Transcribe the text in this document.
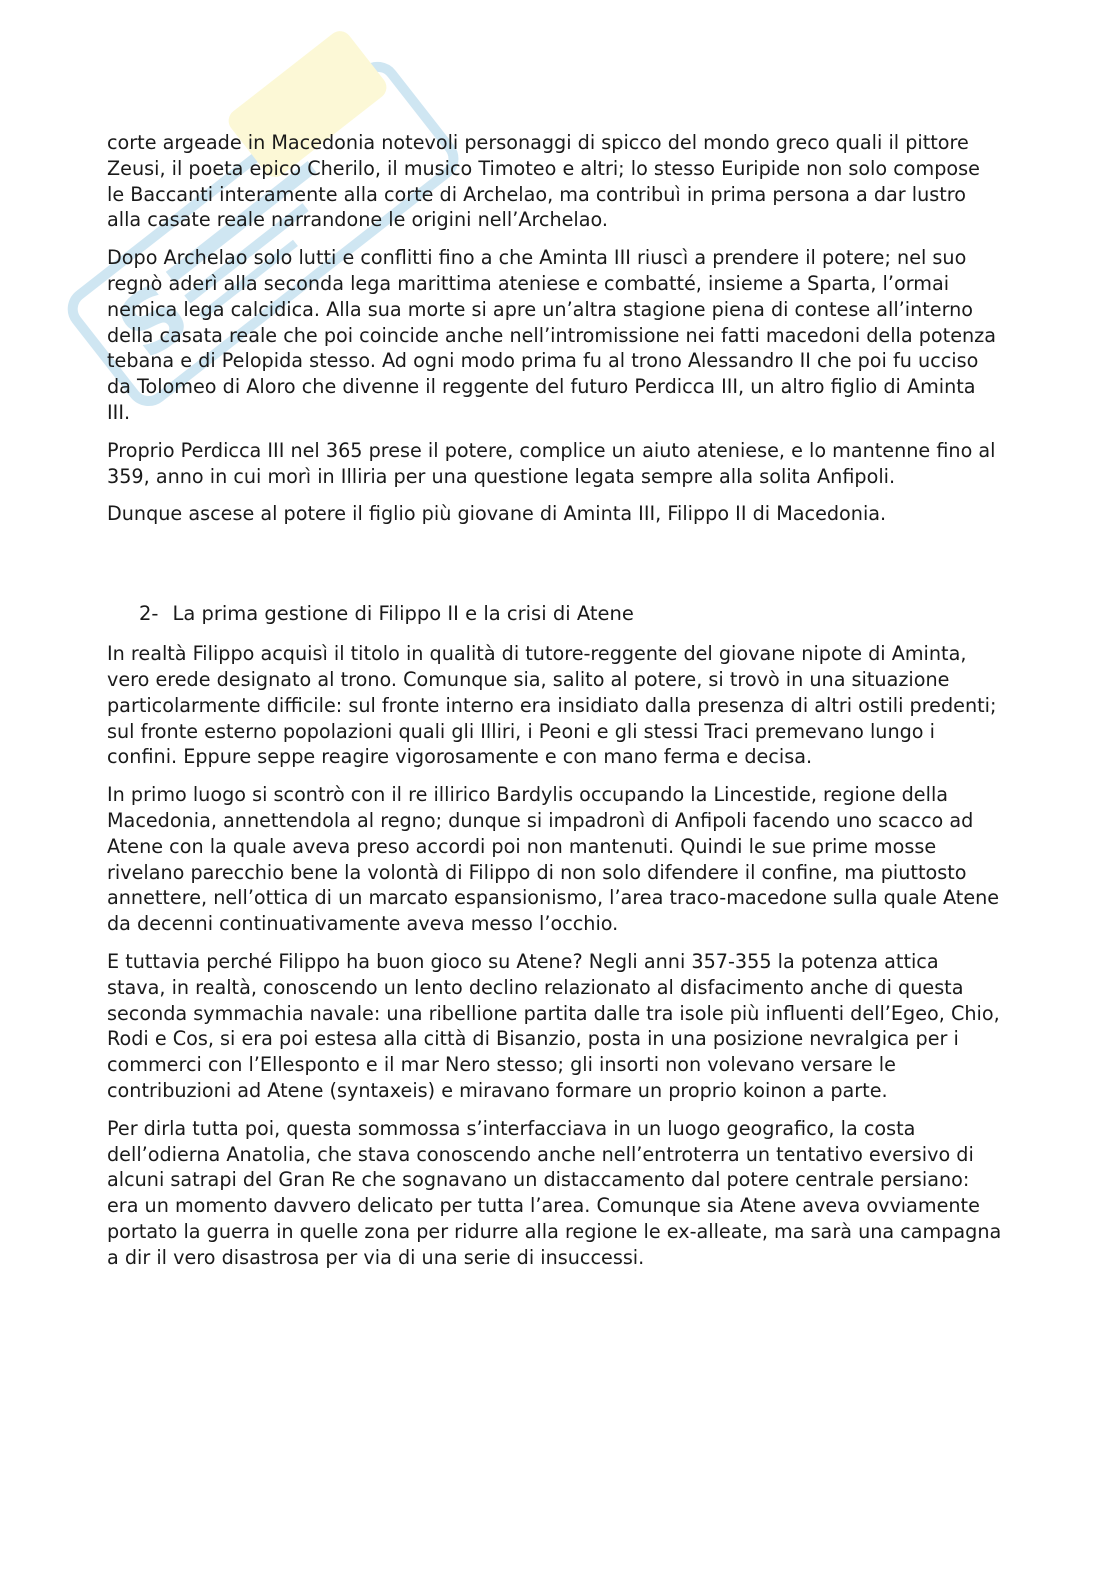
S

corte argeade in Macedonia notevoli personaggi di spicco del mondo greco quali il pittore Zeusi, il poeta epico Cherilo, il musico Timoteo e altri; lo stesso Euripide non solo compose le Baccanti interamente alla corte di Archelao, ma contribuì in prima persona a dar lustro alla casate reale narrandone le origini nell’Archelao.

Dopo Archelao solo lutti e conflitti fino a che Aminta III riuscì a prendere il potere; nel suo regnò aderì alla seconda lega marittima ateniese e combatté, insieme a Sparta, l’ormai nemica lega calcidica. Alla sua morte si apre un’altra stagione piena di contese all’interno della casata reale che poi coincide anche nell’intromissione nei fatti macedoni della potenza tebana e di Pelopida stesso. Ad ogni modo prima fu al trono Alessandro II che poi fu ucciso da Tolomeo di Aloro che divenne il reggente del futuro Perdicca III, un altro figlio di Aminta III.

Proprio Perdicca III nel 365 prese il potere, complice un aiuto ateniese, e lo mantenne fino al 359, anno in cui morì in Illiria per una questione legata sempre alla solita Anfipoli.

Dunque ascese al potere il figlio più giovane di Aminta III, Filippo II di Macedonia.

2- La prima gestione di Filippo II e la crisi di Atene

In realtà Filippo acquisì il titolo in qualità di tutore-reggente del giovane nipote di Aminta, vero erede designato al trono. Comunque sia, salito al potere, si trovò in una situazione particolarmente difficile: sul fronte interno era insidiato dalla presenza di altri ostili predenti; sul fronte esterno popolazioni quali gli Illiri, i Peoni e gli stessi Traci premevano lungo i confini. Eppure seppe reagire vigorosamente e con mano ferma e decisa.

In primo luogo si scontrò con il re illirico Bardylis occupando la Lincestide, regione della Macedonia, annettendola al regno; dunque si impadronì di Anfipoli facendo uno scacco ad Atene con la quale aveva preso accordi poi non mantenuti. Quindi le sue prime mosse rivelano parecchio bene la volontà di Filippo di non solo difendere il confine, ma piuttosto annettere, nell’ottica di un marcato espansionismo, l’area traco-macedone sulla quale Atene da decenni continuativamente aveva messo l’occhio.

E tuttavia perché Filippo ha buon gioco su Atene? Negli anni 357-355 la potenza attica stava, in realtà, conoscendo un lento declino relazionato al disfacimento anche di questa seconda symmachia navale: una ribellione partita dalle tra isole più influenti dell’Egeo, Chio, Rodi e Cos, si era poi estesa alla città di Bisanzio, posta in una posizione nevralgica per i commerci con l’Ellesponto e il mar Nero stesso; gli insorti non volevano versare le contribuzioni ad Atene (syntaxeis) e miravano formare un proprio koinon a parte.

Per dirla tutta poi, questa sommossa s’interfacciava in un luogo geografico, la costa dell’odierna Anatolia, che stava conoscendo anche nell’entroterra un tentativo eversivo di alcuni satrapi del Gran Re che sognavano un distaccamento dal potere centrale persiano: era un momento davvero delicato per tutta l’area. Comunque sia Atene aveva ovviamente portato la guerra in quelle zona per ridurre alla regione le ex-alleate, ma sarà una campagna a dir il vero disastrosa per via di una serie di insuccessi.
